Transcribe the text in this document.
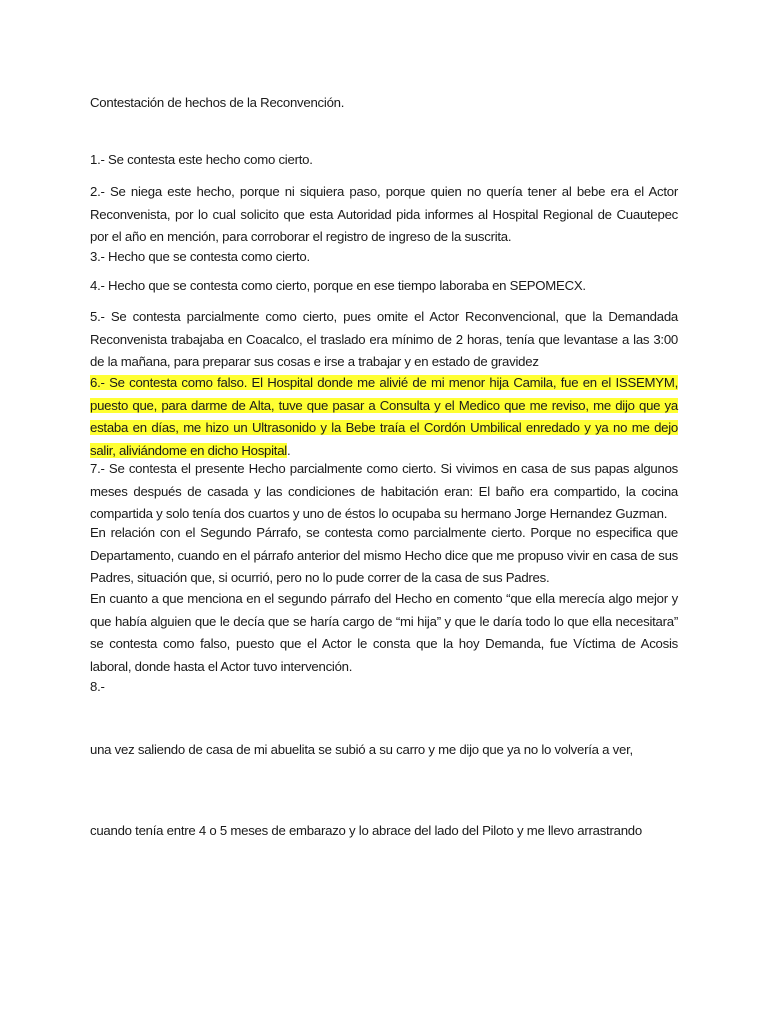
Contestación de hechos de la Reconvención.

1.- Se contesta este hecho como cierto.

2.- Se niega este hecho, porque ni siquiera paso, porque quien no quería tener al bebe era el Actor Reconvenista, por lo cual solicito que esta Autoridad pida informes al Hospital Regional de Cuautepec por el año en mención, para corroborar el registro de ingreso de la suscrita.

3.- Hecho que se contesta como cierto.

4.- Hecho que se contesta como cierto, porque en ese tiempo laboraba en SEPOMECX.

5.- Se contesta parcialmente como cierto, pues omite el Actor Reconvencional, que la Demandada Reconvenista trabajaba en Coacalco, el traslado era mínimo de 2 horas, tenía que levantase a las 3:00 de la mañana, para preparar sus cosas e irse a trabajar y en estado de gravidez

6.- Se contesta como falso. El Hospital donde me alivié de mi menor hija Camila, fue en el ISSEMYM, puesto que, para darme de Alta, tuve que pasar a Consulta y el Medico que me reviso, me dijo que ya estaba en días, me hizo un Ultrasonido y la Bebe traía el Cordón Umbilical enredado y ya no me dejo salir, aliviándome en dicho Hospital.

7.- Se contesta el presente Hecho parcialmente como cierto. Si vivimos en casa de sus papas algunos meses después de casada y las condiciones de habitación eran: El baño era compartido, la cocina compartida y solo tenía dos cuartos y uno de éstos lo ocupaba su hermano Jorge Hernandez Guzman.

En relación con el Segundo Párrafo, se contesta como parcialmente cierto. Porque no especifica que Departamento, cuando en el párrafo anterior del mismo Hecho dice que me propuso vivir en casa de sus Padres, situación que, si ocurrió, pero no lo pude correr de la casa de sus Padres.

En cuanto a que menciona en el segundo párrafo del Hecho en comento “que ella merecía algo mejor y que había alguien que le decía que se haría cargo de “mi hija” y que le daría todo lo que ella necesitara” se contesta como falso, puesto que el Actor le consta que la hoy Demanda, fue Víctima de Acosis laboral, donde hasta el Actor tuvo intervención.

8.-

una vez saliendo de casa de mi abuelita se subió a su carro y me dijo que ya no lo volvería a ver,

cuando tenía entre 4 o 5 meses de embarazo y lo abrace del lado del Piloto y me llevo arrastrando
